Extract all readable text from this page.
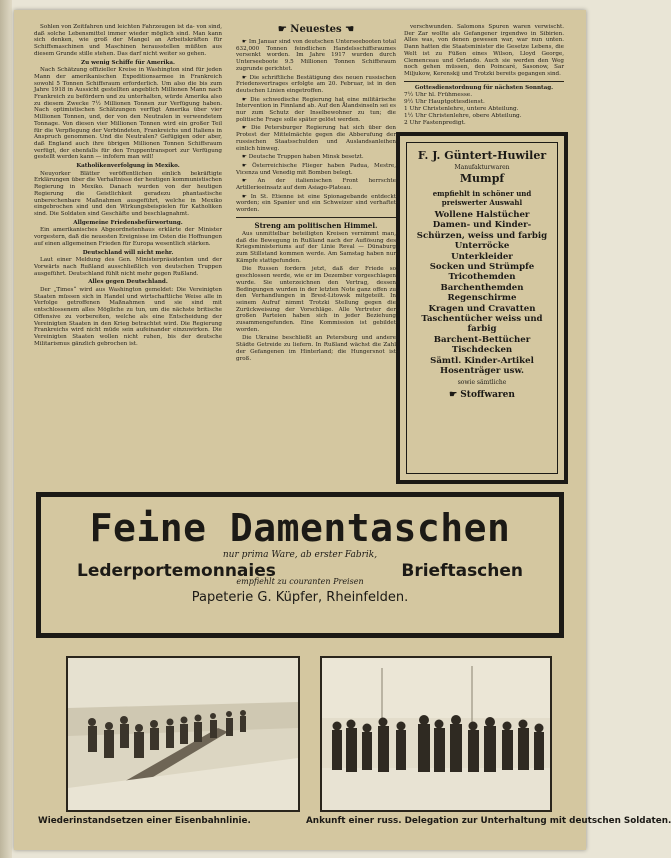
Sohlen von Zeitfahren und leichten Fahrzeugen ist da- von sind, daß solche Lebensmittel immer wieder möglich sind. Man kann sich denken, wie groß der Mangel an Arbeitskräften für Schiffsmaschinen und Maschinen herausstellen müßten aus diesem Grunde stille stehen. Das darf nicht weiter so gehen.

Zu wenig Schiffe für Amerika.

Nach Schätzung offizieller Kreise in Washington sind für jeden Mann der amerikanischen Expeditionsarmee in Frankreich sowohl 5 Tonnen Schiffsraum erforderlich. Um also die bis zum Jahre 1918 in Aussicht gestellten angeblich Millionen Mann nach Frankreich zu befördern und zu unterhalten, würde Amerika also zu diesem Zwecke 7½ Millionen Tonnen zur Verfügung haben. Nach optimistischen Schätzungen verfügt Amerika über vier Millionen Tonnen, und, der von den Neutralen in verwendetem Tonnage. Von diesen vier Millionen Tonnen wird ein großer Teil für die Verpflegung der Verbündeten, Frankreichs und Italiens in Anspruch genommen. Und die Neutralen? Gefügigen oder aber, daß England auch ihre übrigen Millionen Tonnen Schiffsraum verfügt, der ebenfalls für den Truppentransport zur Verfügung gestellt werden kann — infofern man will!

Katholikenverfolgung in Mexiko.

Neuyorker Blätter veröffentlichen einlich bekräftigte Erklärungen über die Verhaltnisse der heutigen kommunistischen Regierung in Mexiko. Danach wurden von der heutigen Regierung die Geistlichkeit geradezu phantastische unberechenbare Maßnahmen ausgeführt, welche in Mexiko eingebrochen sind und den Wirkungsbeispielen für Katholiken sind. Die Soldaten sind Geschäfte und beschlagnahmt.

Allgemeine Friedensbefürwortung.

Ein amerikanisches Abgeordnetenhaus erklärte der Minister vorgestern, daß die neuesten Ereignisse im Osten die Hoffnungen auf einen allgemeinen Frieden für Europa wesentlich stärken.

Deutschland will nicht mehr.

Laut einer Meldung des Gen. Ministerpräsidenten und der Vorwärts nach Rußland ausschließlich von deutschen Truppen ausgeführt. Deutschland fühlt nicht mehr gegen Rußland.

Alles gegen Deutschland.

Der „Times“ wird aus Washington gemeldet: Die Vereinigten Staaten müssen sich in Handel und wirtschaftliche Weise alle in Verfolge getroffenen Maßnahmen und sie sind mit entschlossenem alles Mögliche zu tun, um die nächste britische Offensive zu vorbereiten, welche als eine Entscheidung der Vereinigten Staaten in den Krieg betrachtet wird. Die Regierung Frankreichs wird nicht müde sein aufeinander einzuwirken. Die Vereinigten Staaten wollen nicht ruhen, bis der deutsche Militarismus gänzlich gebrochen ist.

☛ Neuestes ☚

☛ Im Januar sind von deutschen Unterseebooten total 632,000 Tonnen feindlichen Handelsschiffsraumes versenkt worden. Im Jahre 1917 wurden durch Unterseeboote 9.5 Millionen Tonnen Schiffsraum zugrunde gerichtet.

☛ Die schriftliche Bestätigung des neuen russischen Friedensvertrages erfolgte am 20. Februar, ist in den deutschen Linien eingetroffen.

☛ Die schwedische Regierung hat eine militärische Intervention in Finnland ab. Auf den Ålandsinseln sei es nur zum Schutz der Inselbewohner zu tun; die politische Frage solle später gelöst werden.

☛ Die Petersburger Regierung hat sich über den Protest der Mittelmächte gegen die Abberufung der russischen Staatsschulden und Auslandsanleihen einlich hinweg.

☛ Deutsche Truppen haben Minsk besetzt.

☛ Österreichische Flieger haben Padua, Mestre, Vicenza und Venedig mit Bomben belegt.

☛ An der italienischen Front herrschte Artillerieeinsatz auf dem Asiago-Plateau.

☛ In St. Etienne ist eine Spionagebande entdeckt worden; ein Spanier und ein Schweizer sind verhaftet worden.

Streng am politischen Himmel.

Aus unmittelbar beteiligten Kreisen vernimmt man, daß die Bewegung in Rußland nach der Auflösung des Kriegsministeriums auf der Linie Reval — Dünaburg zum Stillstand kommen werde. Am Samstag haben nur Kämpfe stattgefunden.

Die Russen fordern jetzt, daß der Friede so geschlossen werde, wie er im Dezember vorgeschlagen wurde. Sie unterzeichnen den Vertrag, dessen Bedingungen wurden in der letzten Note ganz offen zu den Verhandlungen in Brest-Litowsk mitgeteilt. In seinem Aufruf nimmt Trotzki Stellung gegen die Zurückweisung der Vorschläge. Alle Vertreter der großen Parteien haben sich in jeder Beziehung zusammengefunden. Eine Kommission ist gebildet worden.

Die Ukraine beschließt an Petersburg und andere Städte Getreide zu liefern. In Rußland wächst die Zahl der Gefangenen im Hinterland; die Hungersnot ist groß.

verschwunden. Salomons Spuren waren verwischt. Der Zar wollte als Gefangener irgendwo in Sibirien. Alles was, von denen gewesen war, war nun unten. Dann hatten die Staatsminister die Gesetze Lebens, die Welt ist zu Füßen eines Wilson, Lloyd George, Clemenceau und Orlando. Auch sie werden den Weg noch gehen müssen, den Poincaré, Sasonow, Sar Miljukow, Kerenskij und Trotzki bereits gegangen sind.

Gottesdienstordnung für nächsten Sonntag.
7½ Uhr hl. Frühmesse.
9½ Uhr Hauptgottesdienst.
1 Uhr Christenlehre, untere Abteilung.
1½ Uhr Christenlehre, obere Abteilung.
2 Uhr Fastenpredigt.
F. J. Güntert-Huwiler
Manufakturwaren
Mumpf
empfiehlt in schöner und
preiswerter Auswahl
Wollene Halstücher
Damen- und Kinder-
Schürzen, weiss und farbig
Unterröcke
Unterkleider
Socken und Strümpfe
Tricothemden
Barchenthemden
Regenschirme
Kragen und Cravatten
Taschentücher weiss und farbig
Barchent-Bettücher
Tischdecken
Sämtl. Kinder-Artikel
Hosenträger usw.
sowie sämtliche
☛ Stoffwaren
Feine Damentaschen
nur prima Ware, ab erster Fabrik,
Lederportemonnaies	Brieftaschen
empfiehlt zu couranten Preisen
Papeterie G. Küpfer, Rheinfelden.
Wiederinstandsetzen einer Eisenbahnlinie.	Ankunft einer russ. Delegation zur Unterhaltung mit deutschen Soldaten.
